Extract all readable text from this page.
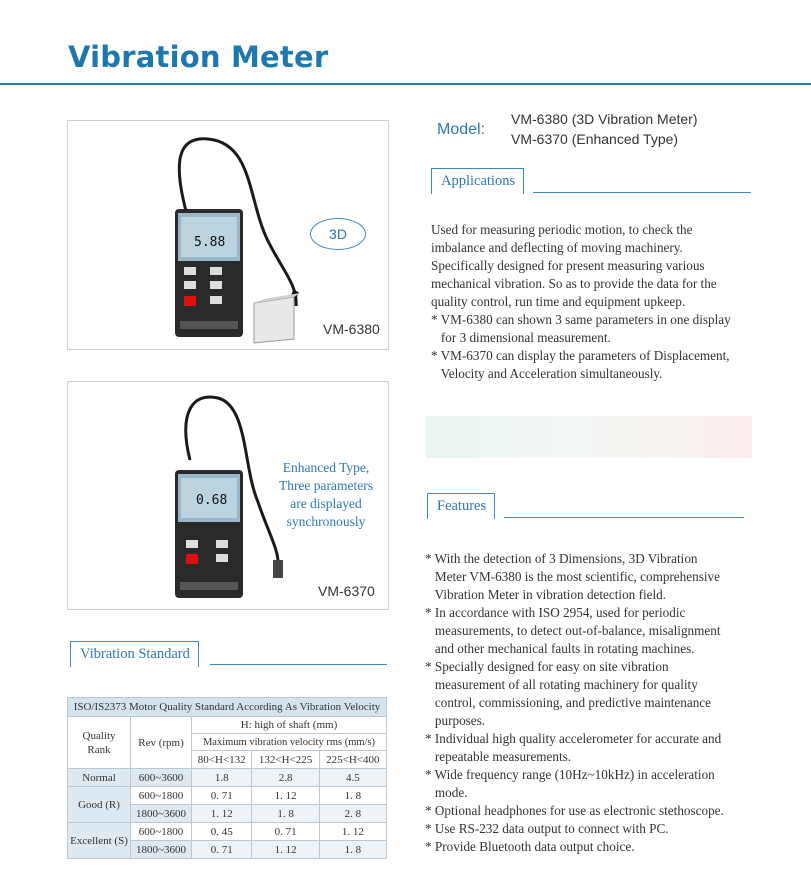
Vibration Meter
5.88
3D
VM-6380
0.68
Enhanced Type,
Three parameters
are displayed
synchronously
VM-6370
Vibration Standard
ISO/IS2373 Motor Quality Standard According As Vibration Velocity				

Quality
Rank	Rev (rpm)	H: high of shaft (mm)		
		Maximum vibration velocity rms (mm/s)		
		80<H<132	132<H<225	225<H<400
Normal	600~3600	1.8	2.8	4.5
Good (R)	600~1800	0. 71	1. 12	1. 8
	1800~3600	1. 12	1. 8	2. 8
Excellent (S)	600~1800	0. 45	0. 71	1. 12
	1800~3600	0. 71	1. 12	1. 8
Model:
VM-6380 (3D Vibration Meter)
VM-6370 (Enhanced Type)
Applications
Used for measuring periodic motion, to check the
imbalance and deflecting of moving machinery.
Specifically designed for present measuring various
mechanical vibration. So as to provide the data for the
quality control, run time and equipment upkeep.
* VM-6380 can shown 3 same parameters in one display
for 3 dimensional measurement.
* VM-6370 can display the parameters of Displacement,
Velocity and Acceleration simultaneously.
Features
* With the detection of 3 Dimensions, 3D Vibration
Meter VM-6380 is the most scientific, comprehensive
Vibration Meter in vibration detection field.
* In accordance with ISO 2954, used for periodic
measurements, to detect out-of-balance, misalignment
and other mechanical faults in rotating machines.
* Specially designed for easy on site vibration
measurement of all rotating machinery for quality
control, commissioning, and predictive maintenance
purposes.
* Individual high quality accelerometer for accurate and
repeatable measurements.
* Wide frequency range (10Hz~10kHz) in acceleration
mode.
* Optional headphones for use as electronic stethoscope.
* Use RS-232 data output to connect with PC.
* Provide Bluetooth data output choice.
